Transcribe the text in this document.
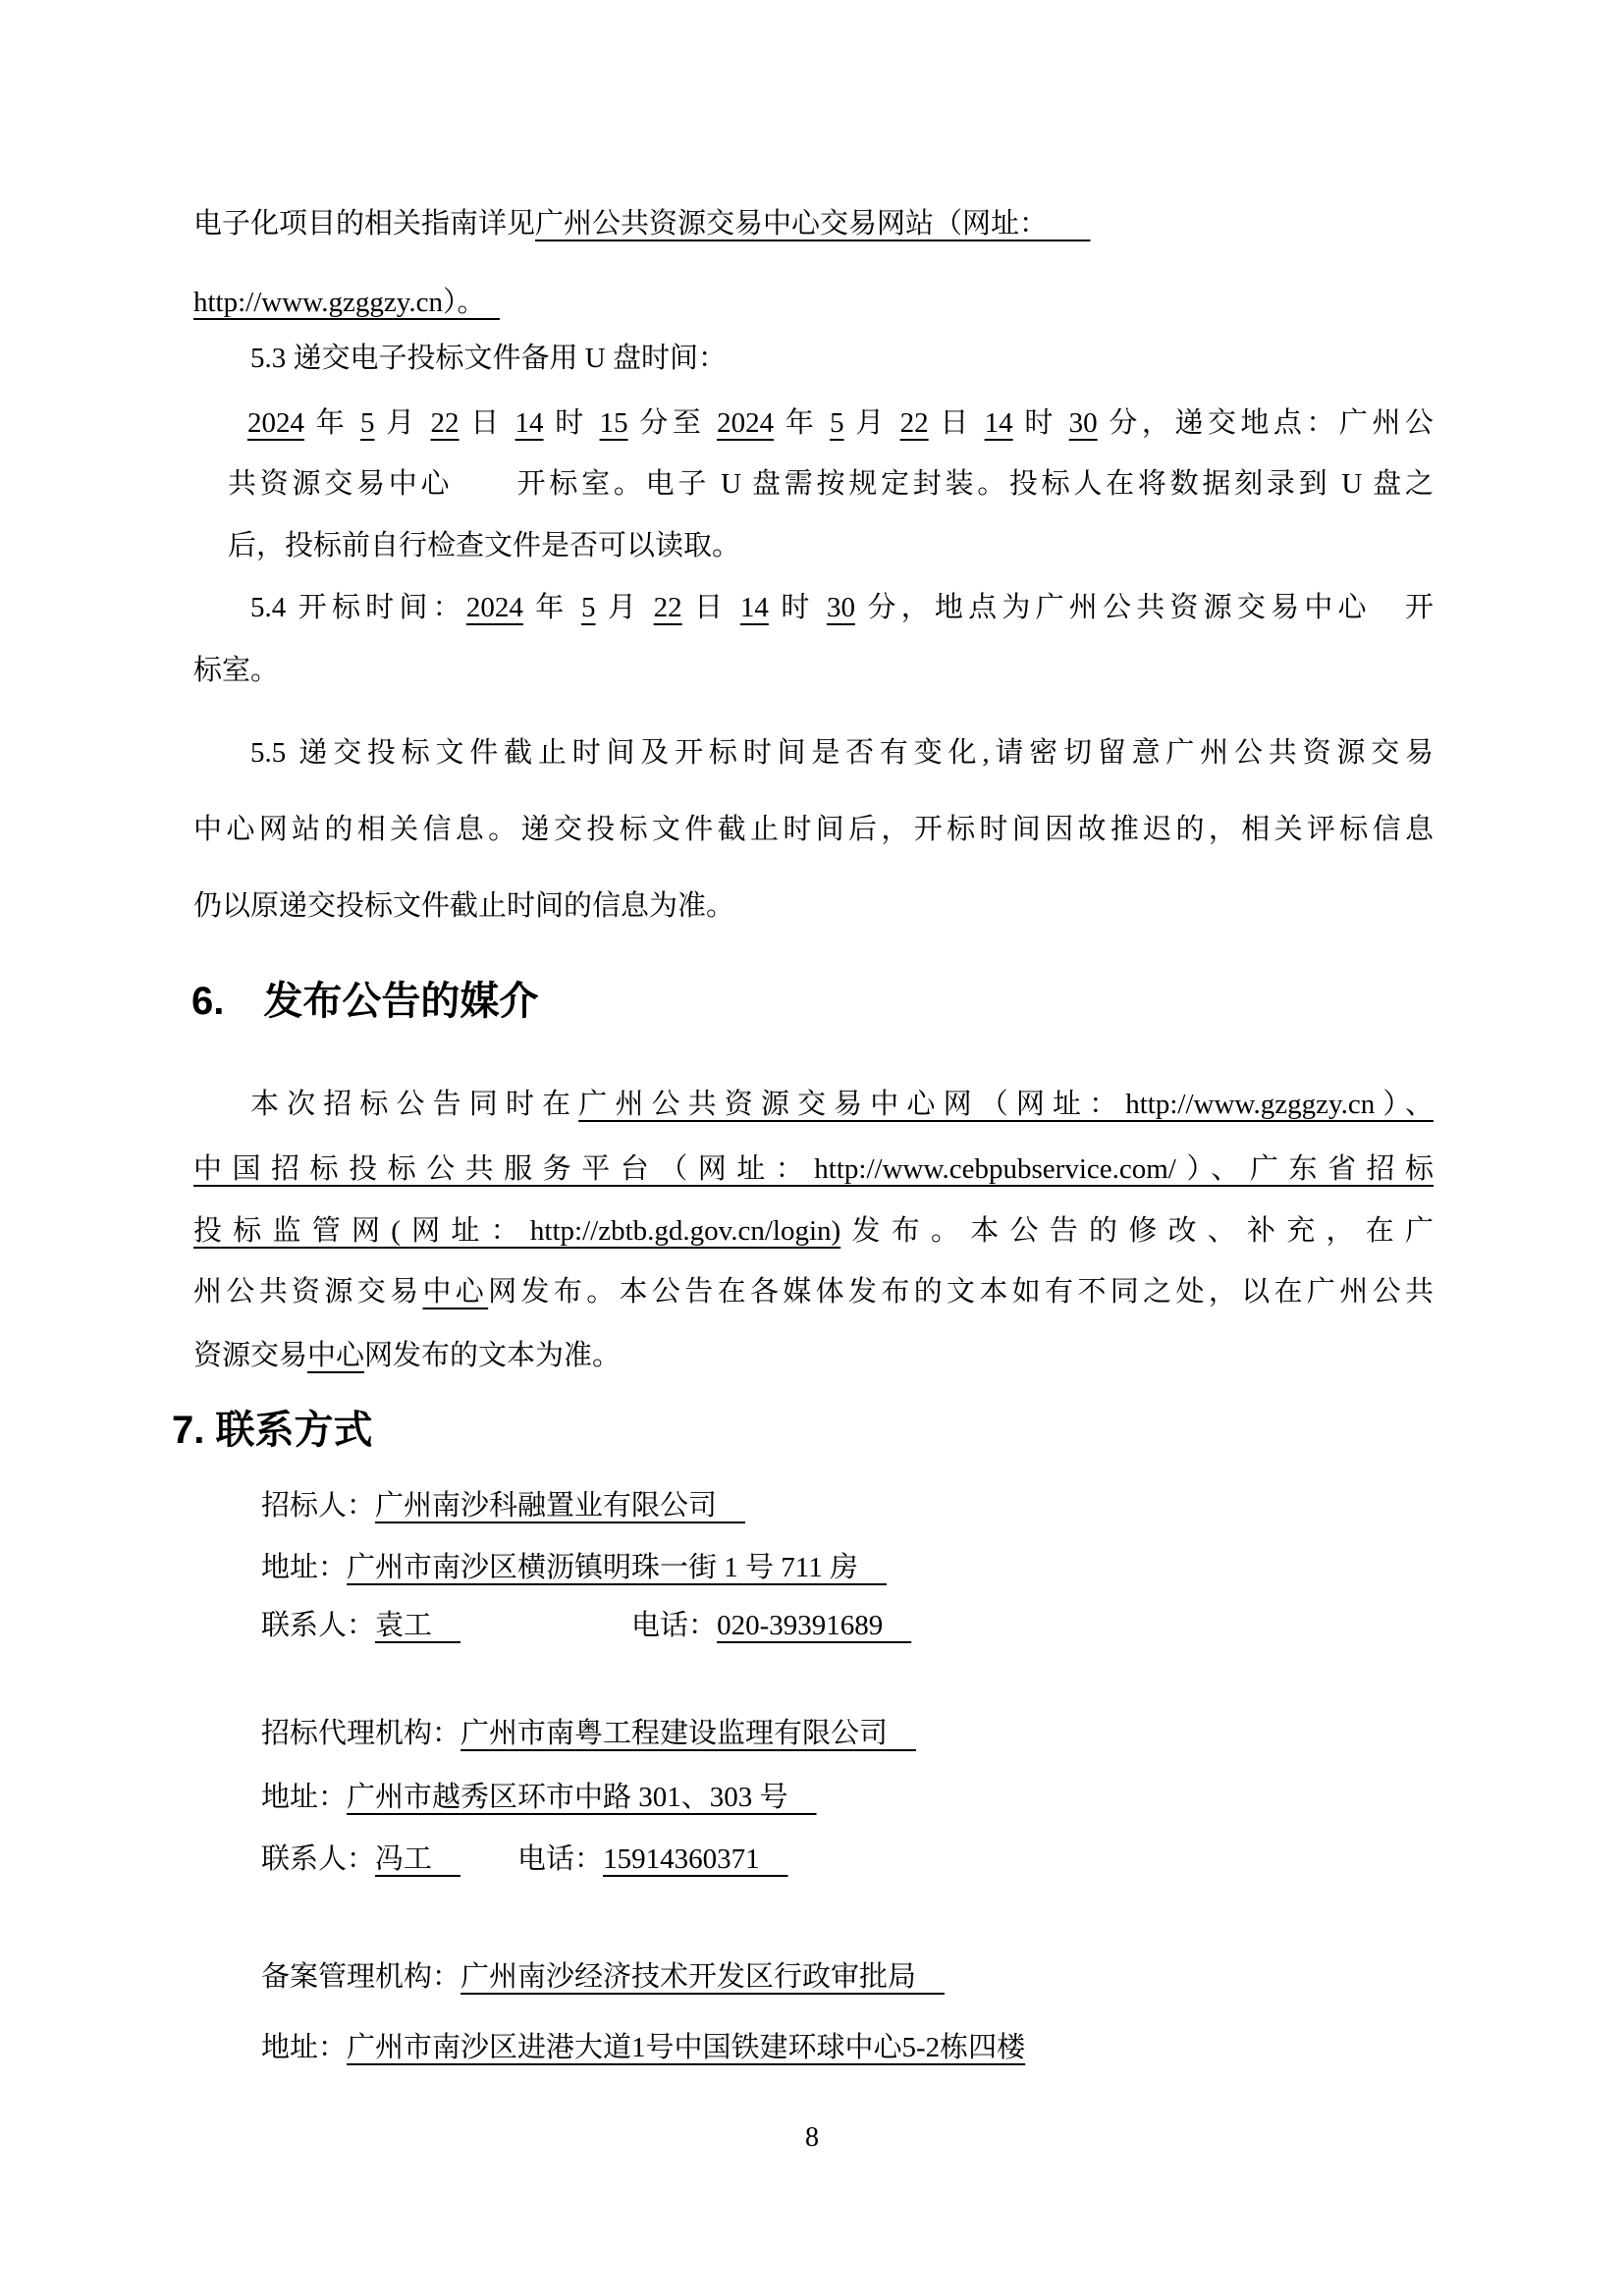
电子化项目的相关指南详见广州公共资源交易中心交易网站（网址：　　
http://www.gzggzy.cn）。　
5.3 递交电子投标文件备用 U 盘时间：
2024 年 5 月 22 日 14 时 15 分至 2024 年 5 月 22 日 14 时 30 分，递交地点：广州公
共资源交易中心　　开标室。电子 U 盘需按规定封装。投标人在将数据刻录到 U 盘之
后，投标前自行检查文件是否可以读取。
5.4 开标时间：2024 年 5 月 22 日 14 时 30 分，地点为广州公共资源交易中心　开
标室。
5.5 递交投标文件截止时间及开标时间是否有变化,请密切留意广州公共资源交易
中心网站的相关信息。递交投标文件截止时间后，开标时间因故推迟的，相关评标信息
仍以原递交投标文件截止时间的信息为准。
6.　发布公告的媒介
本次招标公告同时在广州公共资源交易中心网（网址：http://www.gzggzy.cn）、
中国招标投标公共服务平台（网址：http://www.cebpubservice.com/）、广东省招标
投标监管网(网址：http://zbtb.gd.gov.cn/login)发布。本公告的修改、补充，在广
州公共资源交易中心网发布。本公告在各媒体发布的文本如有不同之处，以在广州公共
资源交易中心网发布的文本为准。
7. 联系方式
招标人：广州南沙科融置业有限公司　
地址：广州市南沙区横沥镇明珠一街 1 号 711 房　
联系人：袁工　　　　　　　	电话：020-39391689　
招标代理机构：广州市南粤工程建设监理有限公司　
地址：广州市越秀区环市中路 301、303 号　
联系人：冯工　　　电话：15914360371　
备案管理机构：广州南沙经济技术开发区行政审批局　
地址：广州市南沙区进港大道1号中国铁建环球中心5-2栋四楼
8
